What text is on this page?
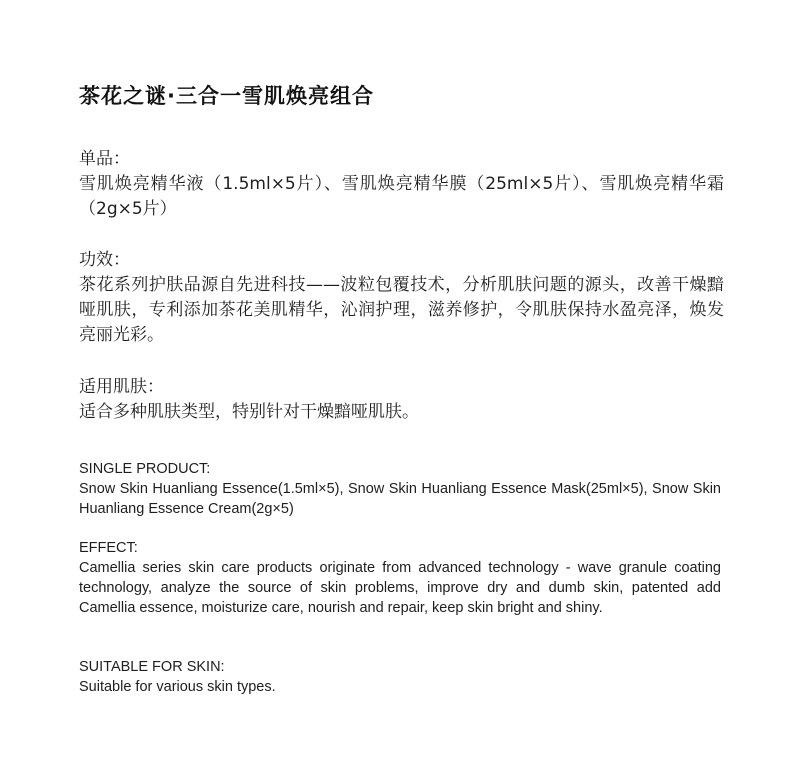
茶花之谜·三合一雪肌焕亮组合
单品：
雪肌焕亮精华液（1.5ml×5片）、雪肌焕亮精华膜（25ml×5片）、雪肌焕亮精华霜（2g×5片）
功效：
茶花系列护肤品源自先进科技——波粒包覆技术，分析肌肤问题的源头，改善干燥黯哑肌肤，专利添加茶花美肌精华，沁润护理，滋养修护，令肌肤保持水盈亮泽，焕发亮丽光彩。
适用肌肤：
适合多种肌肤类型，特别针对干燥黯哑肌肤。
SINGLE PRODUCT:
Snow Skin Huanliang Essence(1.5ml×5), Snow Skin Huanliang Essence Mask(25ml×5), Snow Skin Huanliang Essence Cream(2g×5)
EFFECT:
Camellia series skin care products originate from advanced technology - wave granule coating technology, analyze the source of skin problems, improve dry and dumb skin, patented add Camellia essence, moisturize care, nourish and repair, keep skin bright and shiny.
SUITABLE FOR SKIN:
Suitable for various skin types.
